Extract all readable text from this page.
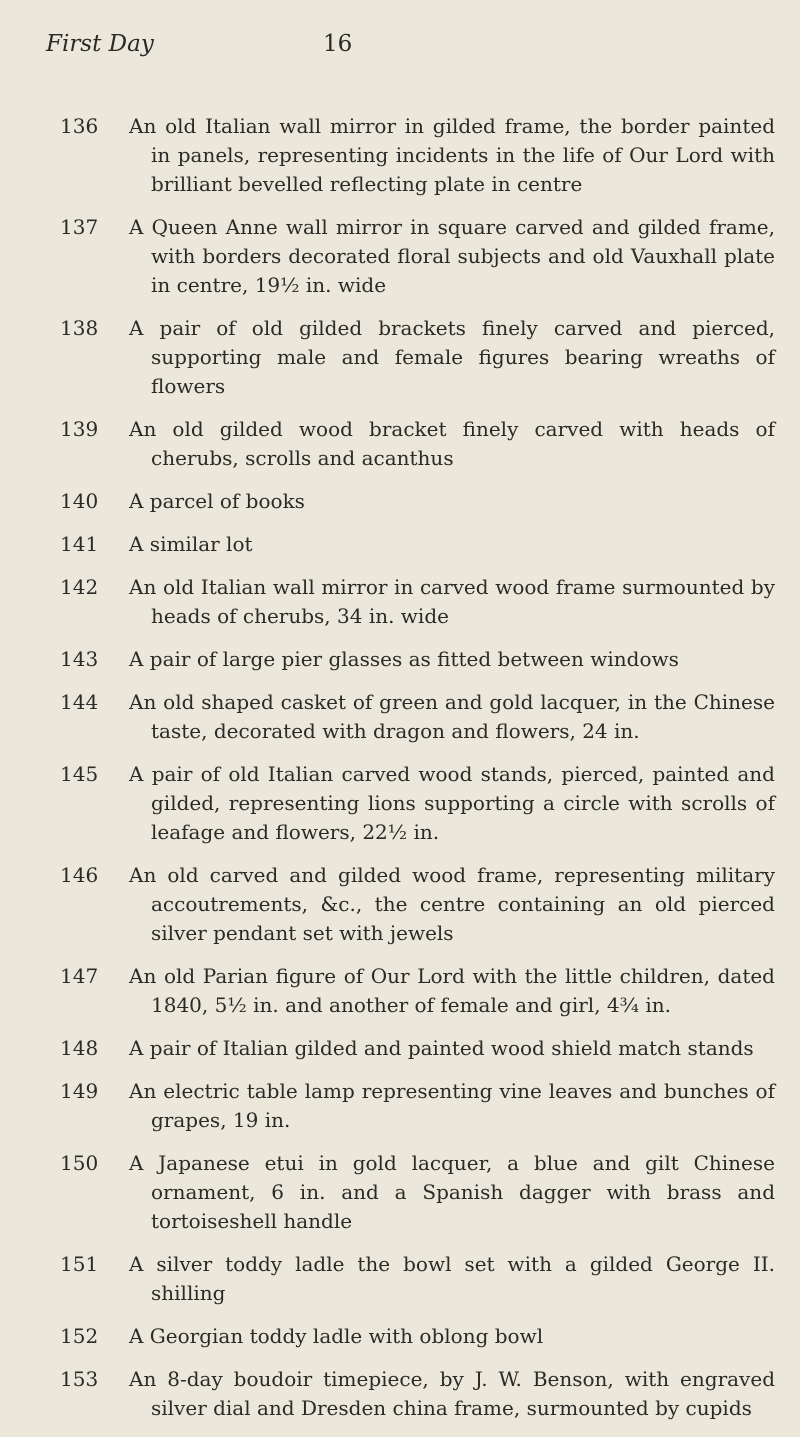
First Day	16
136	An old Italian wall mirror in gilded frame, the border painted in panels, representing incidents in the life of Our Lord with brilliant bevelled reflecting plate in centre
137	A Queen Anne wall mirror in square carved and gilded frame, with borders decorated floral subjects and old Vauxhall plate in centre, 19½ in. wide
138	A pair of old gilded brackets finely carved and pierced, supporting male and female figures bearing wreaths of flowers
139	An old gilded wood bracket finely carved with heads of cherubs, scrolls and acanthus
140	A parcel of books
141	A similar lot
142	An old Italian wall mirror in carved wood frame surmounted by heads of cherubs, 34 in. wide
143	A pair of large pier glasses as fitted between windows
144	An old shaped casket of green and gold lacquer, in the Chinese taste, decorated with dragon and flowers, 24 in.
145	A pair of old Italian carved wood stands, pierced, painted and gilded, representing lions supporting a circle with scrolls of leafage and flowers, 22½ in.
146	An old carved and gilded wood frame, representing military accoutrements, &c., the centre containing an old pierced silver pendant set with jewels
147	An old Parian figure of Our Lord with the little children, dated 1840, 5½ in. and another of female and girl, 4¾ in.
148	A pair of Italian gilded and painted wood shield match stands
149	An electric table lamp representing vine leaves and bunches of grapes, 19 in.
150	A Japanese etui in gold lacquer, a blue and gilt Chinese ornament, 6 in. and a Spanish dagger with brass and tortoiseshell handle
151	A silver toddy ladle the bowl set with a gilded George II. shilling
152	A Georgian toddy ladle with oblong bowl
153	An 8-day boudoir timepiece, by J. W. Benson, with engraved silver dial and Dresden china frame, surmounted by cupids
